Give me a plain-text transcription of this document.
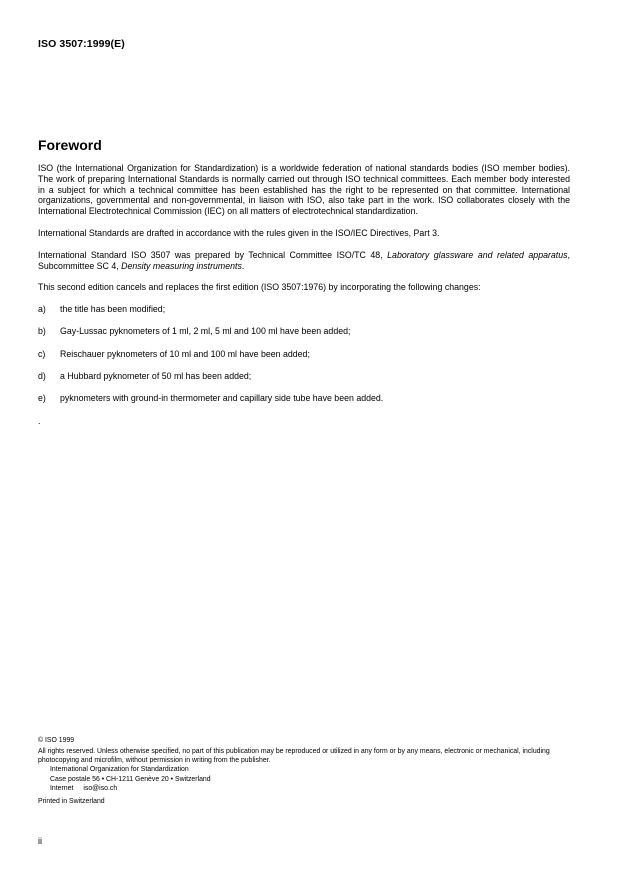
ISO 3507:1999(E)
Foreword

ISO (the International Organization for Standardization) is a worldwide federation of national standards bodies (ISO member bodies). The work of preparing International Standards is normally carried out through ISO technical committees. Each member body interested in a subject for which a technical committee has been established has the right to be represented on that committee. International organizations, governmental and non-governmental, in liaison with ISO, also take part in the work. ISO collaborates closely with the International Electrotechnical Commission (IEC) on all matters of electrotechnical standardization.

International Standards are drafted in accordance with the rules given in the ISO/IEC Directives, Part 3.

International Standard ISO 3507 was prepared by Technical Committee ISO/TC 48, Laboratory glassware and related apparatus, Subcommittee SC 4, Density measuring instruments.

This second edition cancels and replaces the first edition (ISO 3507:1976) by incorporating the following changes:

a)	the title has been modified;
b)	Gay-Lussac pyknometers of 1 ml, 2 ml, 5 ml and 100 ml have been added;
c)	Reischauer pyknometers of 10 ml and 100 ml have been added;
d)	a Hubbard pyknometer of 50 ml has been added;
e)	pyknometers with ground-in thermometer and capillary side tube have been added.
.
© ISO 1999
All rights reserved. Unless otherwise specified, no part of this publication may be reproduced or utilized in any form or by any means, electronic or mechanical, including photocopying and microfilm, without permission in writing from the publisher.
International Organization for Standardization
Case postale 56 • CH-1211 Genève 20 • Switzerland
Internet iso@iso.ch
Printed in Switzerland
ii
